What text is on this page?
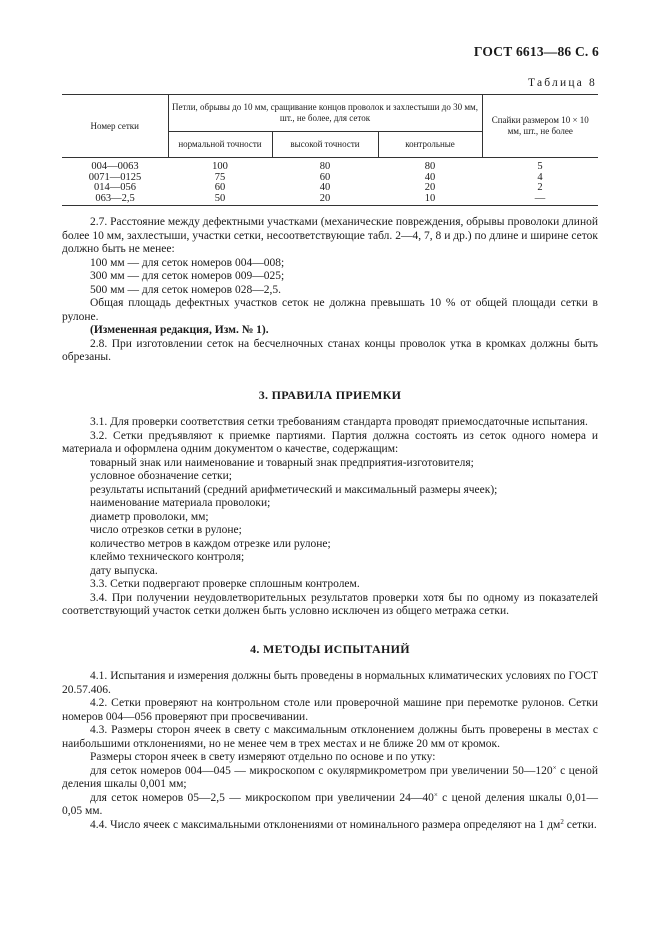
ГОСТ 6613—86 С. 6
Таблица 8
Номер сетки	Петли, обрывы до 10 мм, сращивание концов проволок и захлестыши до 30 мм, шт., не более, для сеток			Спайки размером 10 × 10 мм, шт., не более
	нормальной точности	высокой точности	контрольные	
004—0063	100	80	80	5
0071—0125	75	60	40	4
014—056	60	40	20	2
063—2,5	50	20	10	—

2.7. Расстояние между дефектными участками (механические повреждения, обрывы проволоки длиной более 10 мм, захлестыши, участки сетки, несоответствующие табл. 2—4, 7, 8 и др.) по длине и ширине сеток должно быть не менее:

100 мм — для сеток номеров 004—008;

300 мм — для сеток номеров 009—025;

500 мм — для сеток номеров 028—2,5.

Общая площадь дефектных участков сеток не должна превышать 10 % от общей площади сетки в рулоне.

(Измененная редакция, Изм. № 1).

2.8. При изготовлении сеток на бесчелночных станах концы проволок утка в кромках должны быть обрезаны.

3. ПРАВИЛА ПРИЕМКИ

3.1. Для проверки соответствия сетки требованиям стандарта проводят приемосдаточные испытания.

3.2. Сетки предъявляют к приемке партиями. Партия должна состоять из сеток одного номера и материала и оформлена одним документом о качестве, содержащим:

товарный знак или наименование и товарный знак предприятия-изготовителя;

условное обозначение сетки;

результаты испытаний (средний арифметический и максимальный размеры ячеек);

наименование материала проволоки;

диаметр проволоки, мм;

число отрезков сетки в рулоне;

количество метров в каждом отрезке или рулоне;

клеймо технического контроля;

дату выпуска.

3.3. Сетки подвергают проверке сплошным контролем.

3.4. При получении неудовлетворительных результатов проверки хотя бы по одному из показателей соответствующий участок сетки должен быть условно исключен из общего метража сетки.

4. МЕТОДЫ ИСПЫТАНИЙ

4.1. Испытания и измерения должны быть проведены в нормальных климатических условиях по ГОСТ 20.57.406.

4.2. Сетки проверяют на контрольном столе или проверочной машине при перемотке рулонов. Сетки номеров 004—056 проверяют при просвечивании.

4.3. Размеры сторон ячеек в свету с максимальным отклонением должны быть проверены в местах с наибольшими отклонениями, но не менее чем в трех местах и не ближе 20 мм от кромок.

Размеры сторон ячеек в свету измеряют отдельно по основе и по утку:

для сеток номеров 004—045 — микроскопом с окулярмикрометром при увеличении 50—120× с ценой деления шкалы 0,001 мм;

для сеток номеров 05—2,5 — микроскопом при увеличении 24—40× с ценой деления шкалы 0,01—0,05 мм.

4.4. Число ячеек с максимальными отклонениями от номинального размера определяют на 1 $дм^2$ сетки.
